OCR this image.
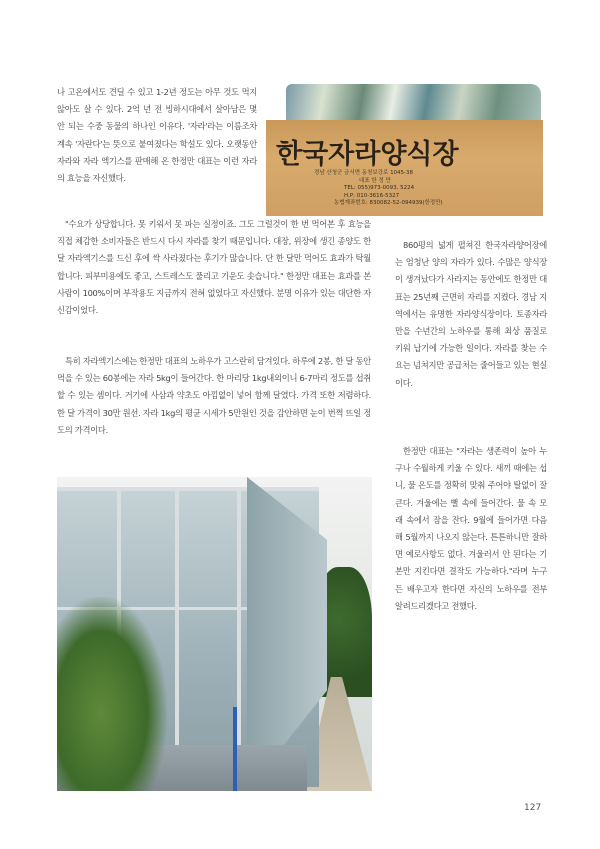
나 고온에서도 견딜 수 있고 1-2년 정도는 아무 것도 먹지 않아도 살 수 있다. 2억 년 전 빙하시대에서 살아남은 몇 안 되는 수중 동물의 하나인 이유다. '자라'라는 이름조차 계속 '자란다'는 뜻으로 붙여졌다는 학설도 있다. 오랫동안 자라와 자라 엑기스를 판매해 온 한정만 대표는 이런 자라의 효능을 자신했다.

"수요가 상당합니다. 못 키워서 못 파는 실정이죠. 그도 그럴것이 한 번 먹어본 후 효능을 직접 체감한 소비자들은 반드시 다시 자라를 찾기 때문입니다. 대장, 위장에 생긴 종양도 한 달 자라엑기스를 드신 후에 싹 사라졌다는 후기가 많습니다. 단 한 달만 먹어도 효과가 탁월합니다. 피부미용에도 좋고, 스트레스도 풀리고 기운도 솟습니다." 한정만 대표는 효과를 본 사람이 100%이며 부작용도 지금까지 전혀 없었다고 자신했다. 분명 이유가 있는 대단한 자신감이었다.

특히 자라엑기스에는 한정만 대표의 노하우가 고스란히 담겨있다. 하루에 2봉, 한 달 동안 먹을 수 있는 60봉에는 자라 5kg이 들어간다. 한 마리당 1kg내외이니 6-7마리 정도를 섭취할 수 있는 셈이다. 거기에 사삼과 약초도 아낌없이 넣어 함께 달였다. 가격 또한 저렴하다. 한 달 가격이 30만 원선. 자라 1kg의 평균 시세가 5만원인 것을 감안하면 눈이 번쩍 뜨일 정도의 가격이다.

860평의 넓게 펼쳐진 한국자라양어장에는 엄청난 양의 자라가 있다. 수많은 양식장이 생겨났다가 사라지는 동안에도 한정만 대표는 25년째 근면히 자리를 지켰다. 경남 지역에서는 유명한 자라양식장이다. 토종자라만을 수년간의 노하우를 통해 최상 품질로 키워 납기에 가능한 일이다. 자라를 찾는 수요는 넘쳐지만 공급처는 줄어들고 있는 현실이다.

한정만 대표는 "자라는 생존력이 높아 누구나 수월하게 키울 수 있다. 새끼 때에는 섭니, 물 온도를 정확히 맞춰 주어야 탈없이 잘 큰다. 겨울에는 뻘 속에 들어간다. 물 속 모래 속에서 잠을 잔다. 9월에 들어가면 다음 해 5월까지 나오지 않는다. 튼튼하니만 잘하면 예로사항도 없다. 겨울러서 안 된다는 기본만 지킨다면 결작도 가능하다."라며 누구든 배우고자 한다면 자신의 노하우를 전부 알려드리겠다고 전했다.

한국자라양식장
경남 산청군 금서면 동천보강로 1045-38
대표 한 정 만
TEL: 055)973-0093, 5224
H.P: 010-3616-5327
농협계좌번호: 830082-52-094939(한정만)
127
